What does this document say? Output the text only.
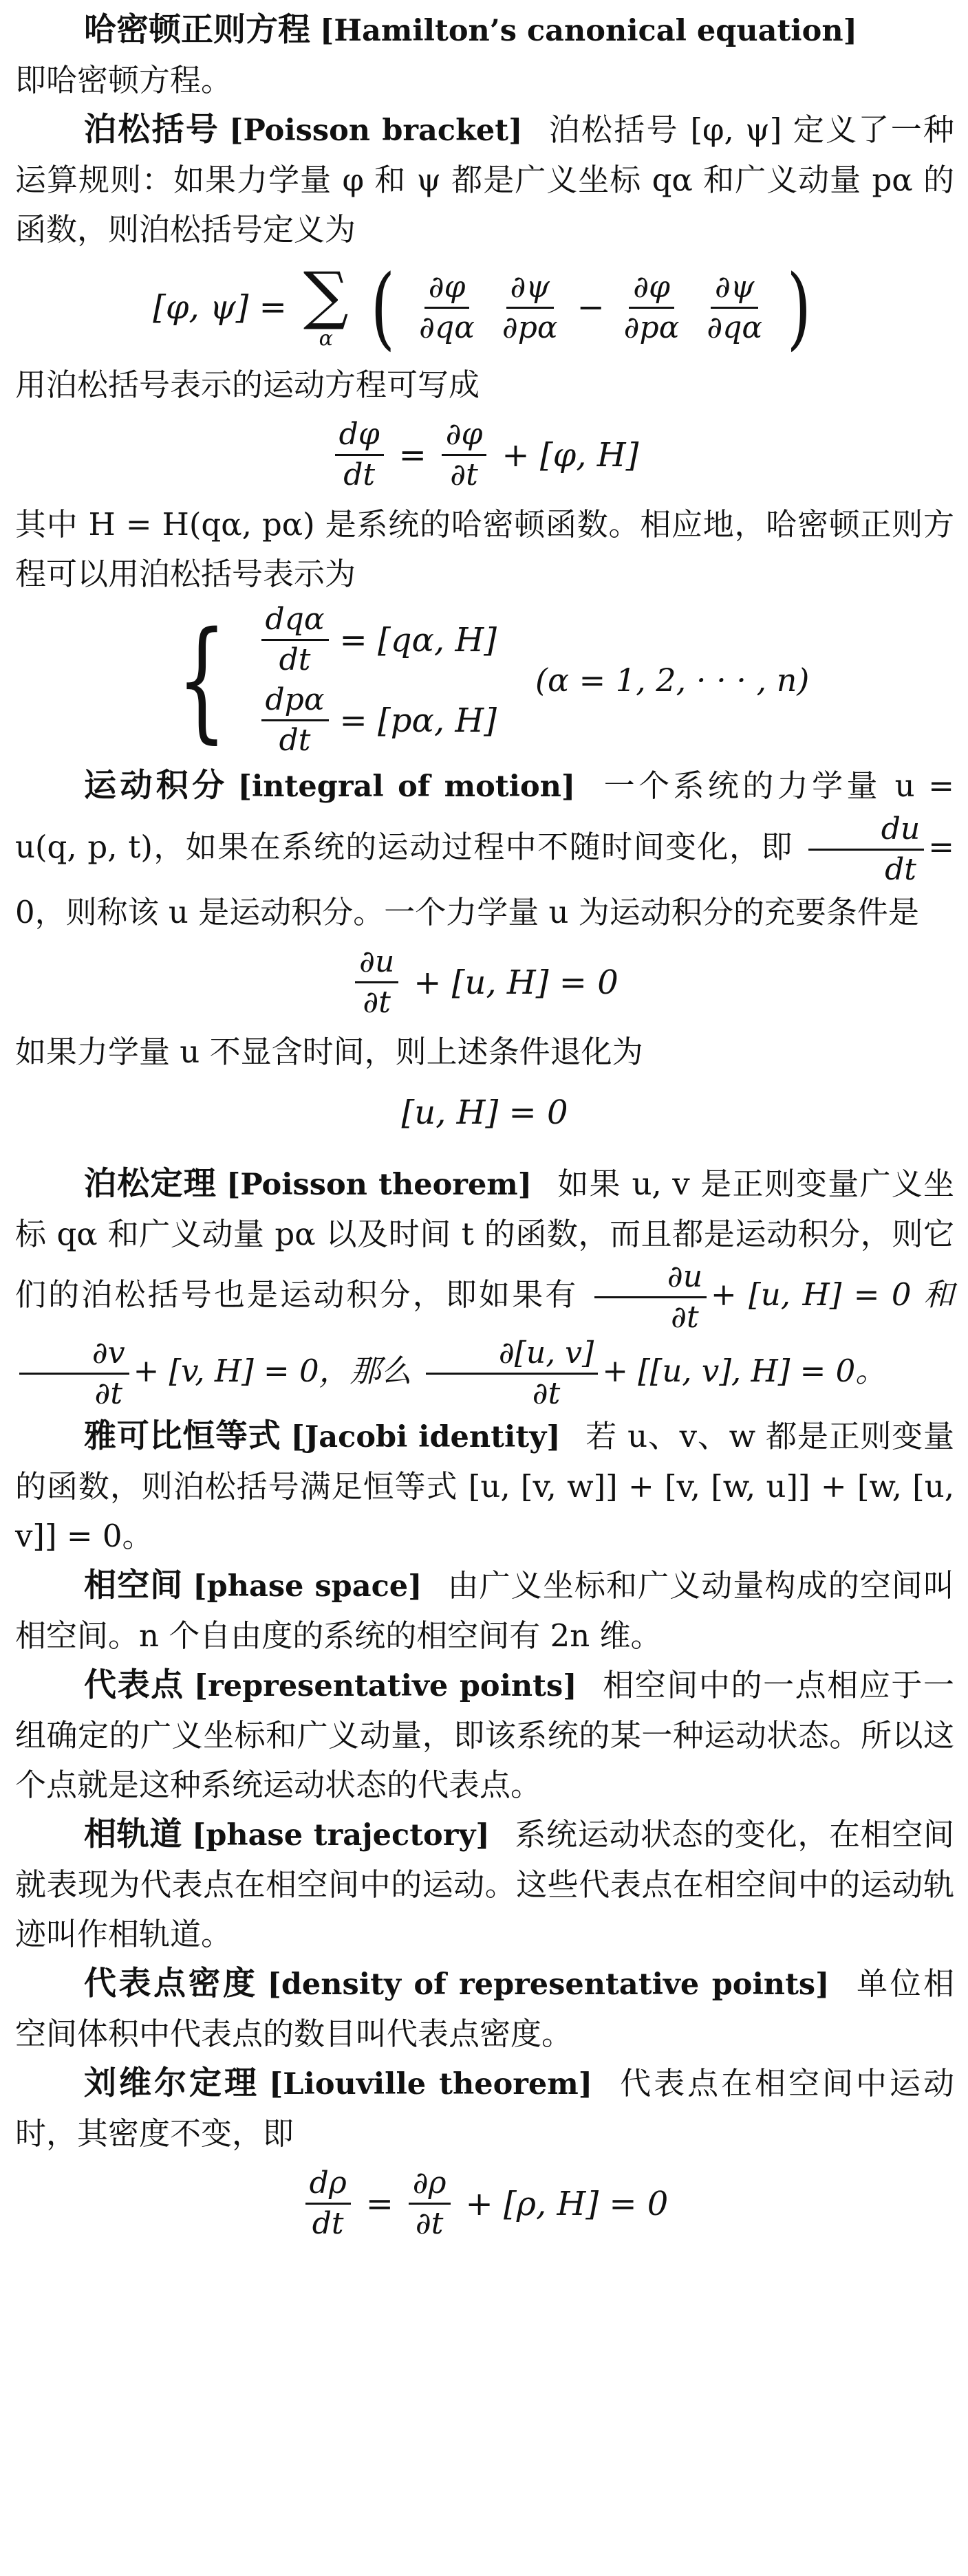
哈密顿正则方程 [Hamilton’s canonical equation]

即哈密顿方程。

泊松括号 [Poisson bracket] 泊松括号 [φ, ψ] 定义了一种运算规则：如果力学量 φ 和 ψ 都是广义坐标 qα 和广义动量 pα 的函数，则泊松括号定义为

[φ, ψ] = ∑
α ( $\frac{\partial\varphi}{\partial q\alpha} \frac{\partial\psi}{\partial p\alpha} - \frac{\partial\varphi}{\partial p\alpha} \frac{\partial\psi}{\partial q\alpha}$ )

用泊松括号表示的运动方程可写成

$\frac{d\varphi}{dt} = \frac{\partial\varphi}{\partial t} + [\varphi$, H]

其中 H = H(qα, pα) 是系统的哈密顿函数。相应地，哈密顿正则方程可以用泊松括号表示为

{ $\frac{\text{dqα}}{dt} = [q\alpha$, H]
$\frac{\text{dpα}}{dt} = [p\alpha$, H]
(α = 1, 2, · · · , n)

运动积分 [integral of motion] 一个系统的力学量 u = u(q, p, t)，如果在系统的运动过程中不随时间变化，即 $\frac{du}{dt} = 0$，则称该 u 是运动积分。一个力学量 u 为运动积分的充要条件是

$\frac{\partial u}{\partial t} + [u$, H] = 0

如果力学量 u 不显含时间，则上述条件退化为

[u, H] = 0

泊松定理 [Poisson theorem] 如果 u, v 是正则变量广义坐标 qα 和广义动量 pα 以及时间 t 的函数，而且都是运动积分，则它们的泊松括号也是运动积分，即如果有 $\frac{\partial u}{\partial t} + [u$, H] = 0 和
$\frac{\partial v}{\partial t} + [v$, H] = 0，那么 $\frac{\partial[u, v]}{\partial t} + [[u$, v], H] = 0。

雅可比恒等式 [Jacobi identity] 若 u、v、w 都是正则变量的函数，则泊松括号满足恒等式 [u, [v, w]] + [v, [w, u]] + [w, [u, v]] = 0。

相空间 [phase space] 由广义坐标和广义动量构成的空间叫相空间。n 个自由度的系统的相空间有 2n 维。

代表点 [representative points] 相空间中的一点相应于一组确定的广义坐标和广义动量，即该系统的某一种运动状态。所以这个点就是这种系统运动状态的代表点。

相轨道 [phase trajectory] 系统运动状态的变化，在相空间就表现为代表点在相空间中的运动。这些代表点在相空间中的运动轨迹叫作相轨道。

代表点密度 [density of representative points] 单位相空间体积中代表点的数目叫代表点密度。

刘维尔定理 [Liouville theorem] 代表点在相空间中运动时，其密度不变，即

$\frac{d\rho}{dt} = \frac{\partial\rho}{\partial t} + [\rho$, H] = 0
